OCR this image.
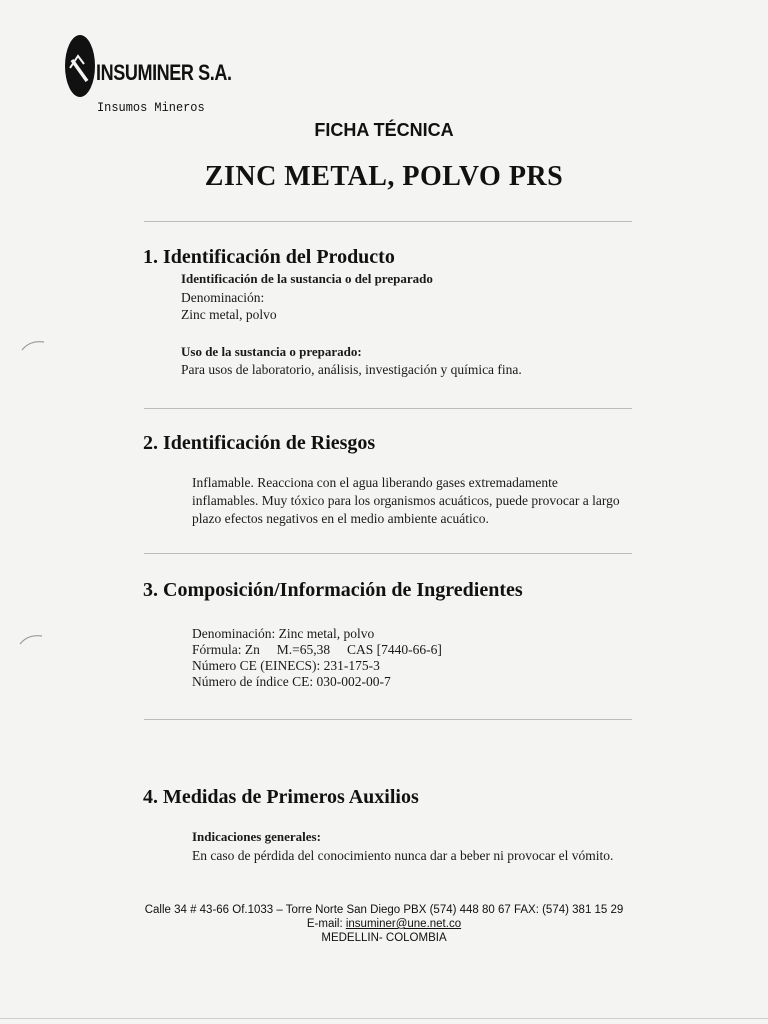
INSUMINER S.A.
Insumos Mineros
FICHA TÉCNICA
ZINC METAL, POLVO PRS
1. Identificación del Producto
Identificación de la sustancia o del preparado
Denominación:
Zinc metal, polvo
Uso de la sustancia o preparado:
Para usos de laboratorio, análisis, investigación y química fina.
2. Identificación de Riesgos
Inflamable. Reacciona con el agua liberando gases extremadamente
inflamables. Muy tóxico para los organismos acuáticos, puede provocar a largo
plazo efectos negativos en el medio ambiente acuático.
3. Composición/Información de Ingredientes
Denominación: Zinc metal, polvo
Fórmula: Zn M.=65,38 CAS [7440-66-6]
Número CE (EINECS): 231-175-3
Número de índice CE: 030-002-00-7
4. Medidas de Primeros Auxilios
Indicaciones generales:
En caso de pérdida del conocimiento nunca dar a beber ni provocar el vómito.
Calle 34 # 43-66 Of.1033 – Torre Norte San Diego PBX (574) 448 80 67 FAX: (574) 381 15 29
E-mail: insuminer@une.net.co
MEDELLIN- COLOMBIA
